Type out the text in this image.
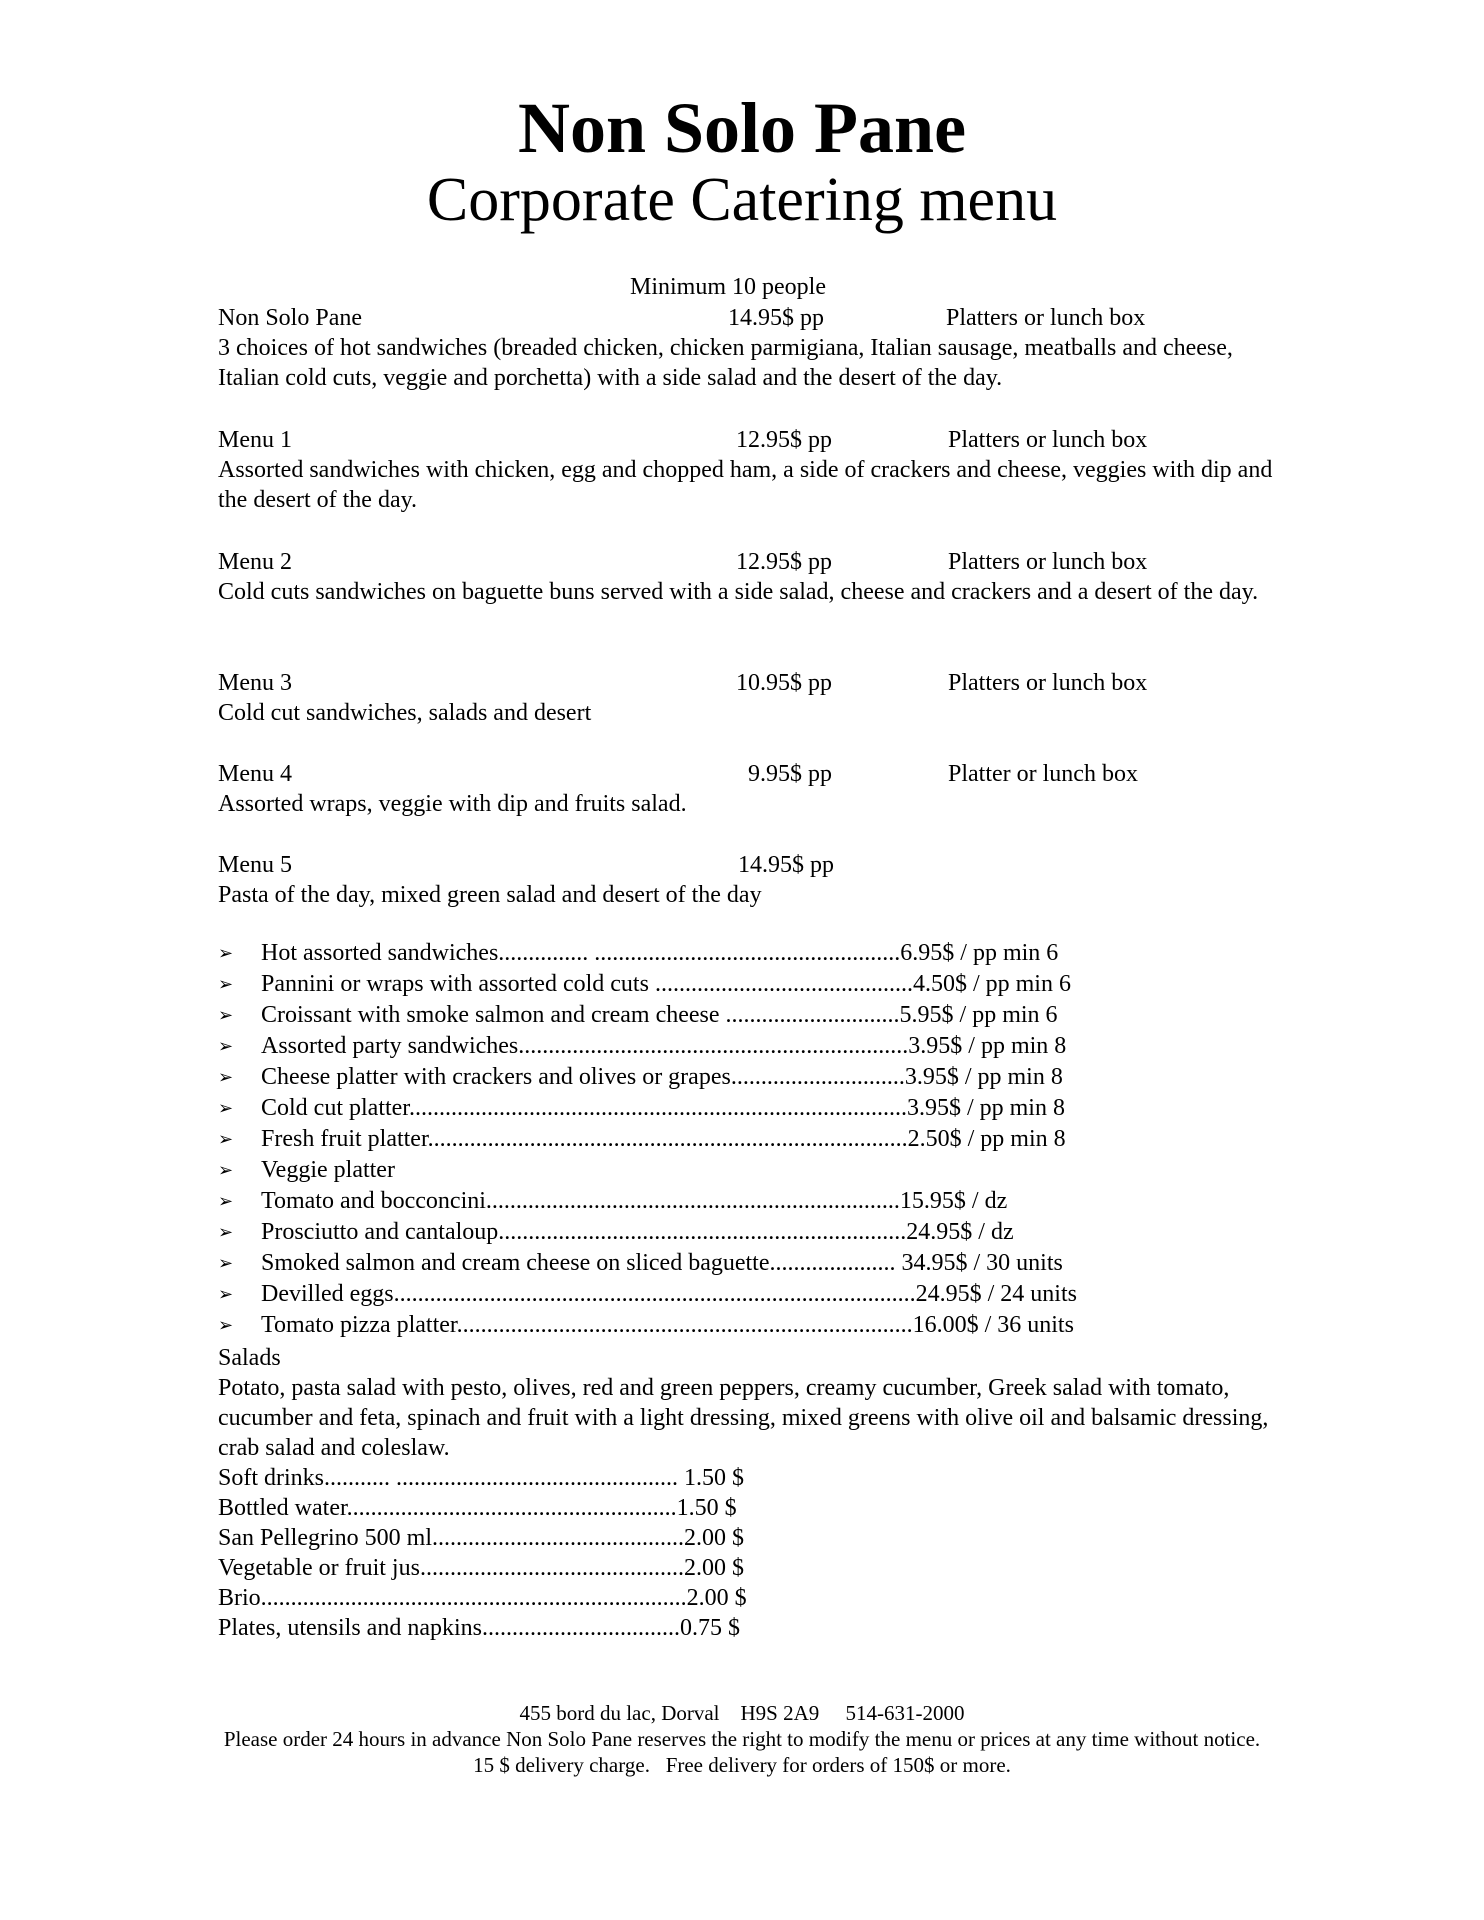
Non Solo Pane
Corporate Catering menu
Minimum 10 people
Non Solo Pane	14.95$ pp	Platters or lunch box
3 choices of hot sandwiches (breaded chicken, chicken parmigiana, Italian sausage, meatballs and cheese, Italian cold cuts, veggie and porchetta) with a side salad and the desert of the day.
Menu 1	12.95$ pp	Platters or lunch box
Assorted sandwiches with chicken, egg and chopped ham, a side of crackers and cheese, veggies with dip and the desert of the day.
Menu 2	12.95$ pp	Platters or lunch box
Cold cuts sandwiches on baguette buns served with a side salad, cheese and crackers and a desert of the day.
Menu 3	10.95$ pp	Platters or lunch box
Cold cut sandwiches, salads and desert
Menu 4	9.95$ pp	Platter or lunch box
Assorted wraps, veggie with dip and fruits salad.
Menu 5	14.95$ pp
Pasta of the day, mixed green salad and desert of the day
➢ Hot assorted sandwiches............... ...................................................6.95$ / pp min 6
➢ Pannini or wraps with assorted cold cuts ...........................................4.50$ / pp min 6
➢ Croissant with smoke salmon and cream cheese .............................5.95$ / pp min 6
➢ Assorted party sandwiches.................................................................3.95$ / pp min 8
➢ Cheese platter with crackers and olives or grapes.............................3.95$ / pp min 8
➢ Cold cut platter...................................................................................3.95$ / pp min 8
➢ Fresh fruit platter................................................................................2.50$ / pp min 8
➢ Veggie platter
➢ Tomato and bocconcini.....................................................................15.95$ / dz
➢ Prosciutto and cantaloup....................................................................24.95$ / dz
➢ Smoked salmon and cream cheese on sliced baguette..................... 34.95$ / 30 units
➢ Devilled eggs.......................................................................................24.95$ / 24 units
➢ Tomato pizza platter............................................................................16.00$ / 36 units
Salads
Potato, pasta salad with pesto, olives, red and green peppers, creamy cucumber, Greek salad with tomato, cucumber and feta, spinach and fruit with a light dressing, mixed greens with olive oil and balsamic dressing, crab salad and coleslaw.
Soft drinks........... ............................................... 1.50 $
Bottled water.......................................................1.50 $
San Pellegrino 500 ml..........................................2.00 $
Vegetable or fruit jus............................................2.00 $
Brio.......................................................................2.00 $
Plates, utensils and napkins.................................0.75 $
455 bord du lac, Dorval    H9S 2A9     514-631-2000
Please order 24 hours in advance Non Solo Pane reserves the right to modify the menu or prices at any time without notice.
15 $ delivery charge.   Free delivery for orders of 150$ or more.
